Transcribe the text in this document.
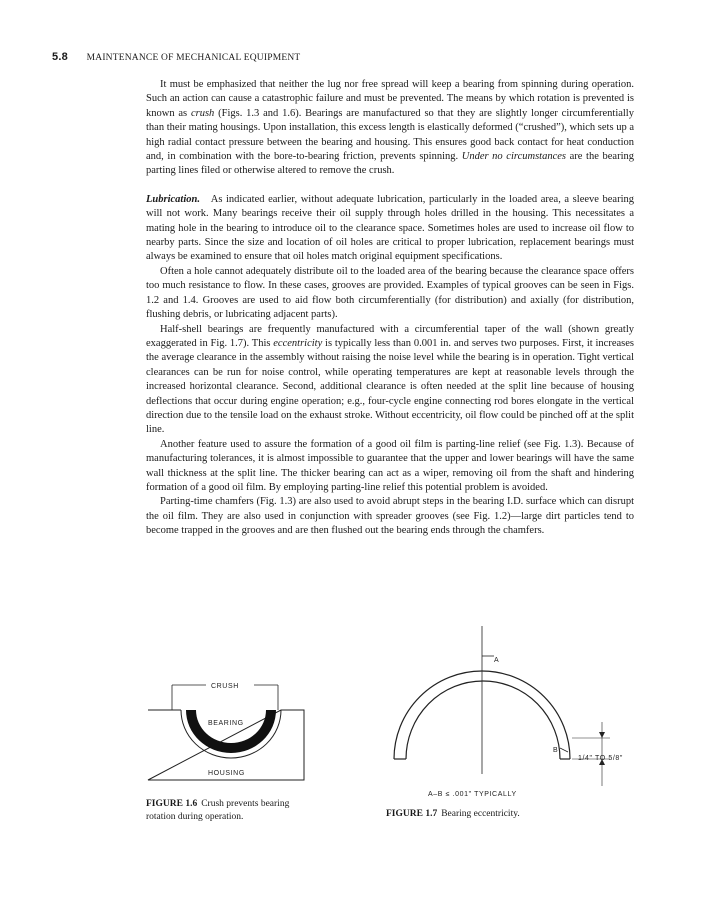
5.8 MAINTENANCE OF MECHANICAL EQUIPMENT

It must be emphasized that neither the lug nor free spread will keep a bearing from spinning during operation. Such an action can cause a catastrophic failure and must be prevented. The means by which rotation is prevented is known as crush (Figs. 1.3 and 1.6). Bearings are manufactured so that they are slightly longer circumferentially than their mating housings. Upon installation, this excess length is elastically deformed (“crushed”), which sets up a high radial contact pressure between the bearing and housing. This ensures good back contact for heat conduction and, in combination with the bore-to-bearing friction, prevents spinning. Under no circumstances are the bearing parting lines filed or otherwise altered to remove the crush.

Lubrication. As indicated earlier, without adequate lubrication, particularly in the loaded area, a sleeve bearing will not work. Many bearings receive their oil supply through holes drilled in the housing. This necessitates a mating hole in the bearing to introduce oil to the clearance space. Sometimes holes are used to increase oil flow to nearby parts. Since the size and location of oil holes are critical to proper lubrication, replacement bearings must always be examined to ensure that oil holes match original equipment specifications.

Often a hole cannot adequately distribute oil to the loaded area of the bearing because the clearance space offers too much resistance to flow. In these cases, grooves are provided. Examples of typical grooves can be seen in Figs. 1.2 and 1.4. Grooves are used to aid flow both circumferentially (for distribution) and axially (for distribution, flushing debris, or lubricating adjacent parts).

Half-shell bearings are frequently manufactured with a circumferential taper of the wall (shown greatly exaggerated in Fig. 1.7). This eccentricity is typically less than 0.001 in. and serves two purposes. First, it increases the average clearance in the assembly without raising the noise level while the bearing is in operation. Tight vertical clearances can be run for noise control, while operating temperatures are kept at reasonable levels through the increased horizontal clearance. Second, additional clearance is often needed at the split line because of housing deflections that occur during engine operation; e.g., four-cycle engine connecting rod bores elongate in the vertical direction due to the tensile load on the exhaust stroke. Without eccentricity, oil flow could be pinched off at the split line.

Another feature used to assure the formation of a good oil film is parting-line relief (see Fig. 1.3). Because of manufacturing tolerances, it is almost impossible to guarantee that the upper and lower bearings will have the same wall thickness at the split line. The thicker bearing can act as a wiper, removing oil from the shaft and hindering formation of a good oil film. By employing parting-line relief this potential problem is avoided.

Parting-time chamfers (Fig. 1.3) are also used to avoid abrupt steps in the bearing I.D. surface which can disrupt the oil film. They are also used in conjunction with spreader grooves (see Fig. 1.2)—large dirt particles tend to become trapped in the grooves and are then flushed out the bearing ends through the chamfers.

CRUSH
BEARING
HOUSING
FIGURE 1.6 Crush prevents bearing rotation during operation.
A
B
1/4" TO 5/8"
A–B ≤ .001" TYPICALLY
FIGURE 1.7 Bearing eccentricity.
